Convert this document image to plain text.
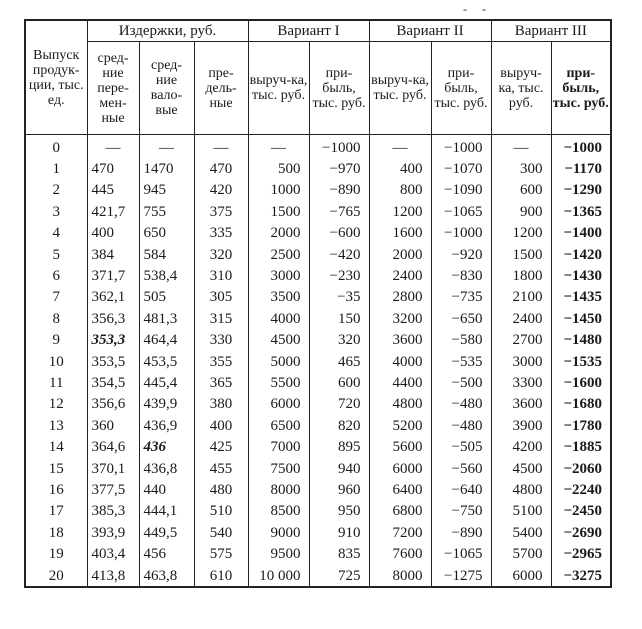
- -
Выпуск продук-ции, тыс. ед.	Издержки, руб.			Вариант I		Вариант II		Вариант III	
	сред-ние пере-мен-ные	сред-ние вало-вые	пре-дель-ные	выруч-ка, тыс. руб.	при-быль, тыс. руб.	выруч-ка, тыс. руб.	при-быль, тыс. руб.	выруч-ка, тыс. руб.	при-быль, тыс. руб.
0	—	—	—	—	−1000	—	−1000	—	−1000
1	470	1470	470	500	−970	400	−1070	300	−1170
2	445	945	420	1000	−890	800	−1090	600	−1290
3	421,7	755	375	1500	−765	1200	−1065	900	−1365
4	400	650	335	2000	−600	1600	−1000	1200	−1400
5	384	584	320	2500	−420	2000	−920	1500	−1420
6	371,7	538,4	310	3000	−230	2400	−830	1800	−1430
7	362,1	505	305	3500	−35	2800	−735	2100	−1435
8	356,3	481,3	315	4000	150	3200	−650	2400	−1450
9	353,3	464,4	330	4500	320	3600	−580	2700	−1480
10	353,5	453,5	355	5000	465	4000	−535	3000	−1535
11	354,5	445,4	365	5500	600	4400	−500	3300	−1600
12	356,6	439,9	380	6000	720	4800	−480	3600	−1680
13	360	436,9	400	6500	820	5200	−480	3900	−1780
14	364,6	436	425	7000	895	5600	−505	4200	−1885
15	370,1	436,8	455	7500	940	6000	−560	4500	−2060
16	377,5	440	480	8000	960	6400	−640	4800	−2240
17	385,3	444,1	510	8500	950	6800	−750	5100	−2450
18	393,9	449,5	540	9000	910	7200	−890	5400	−2690
19	403,4	456	575	9500	835	7600	−1065	5700	−2965
20	413,8	463,8	610	10 000	725	8000	−1275	6000	−3275
